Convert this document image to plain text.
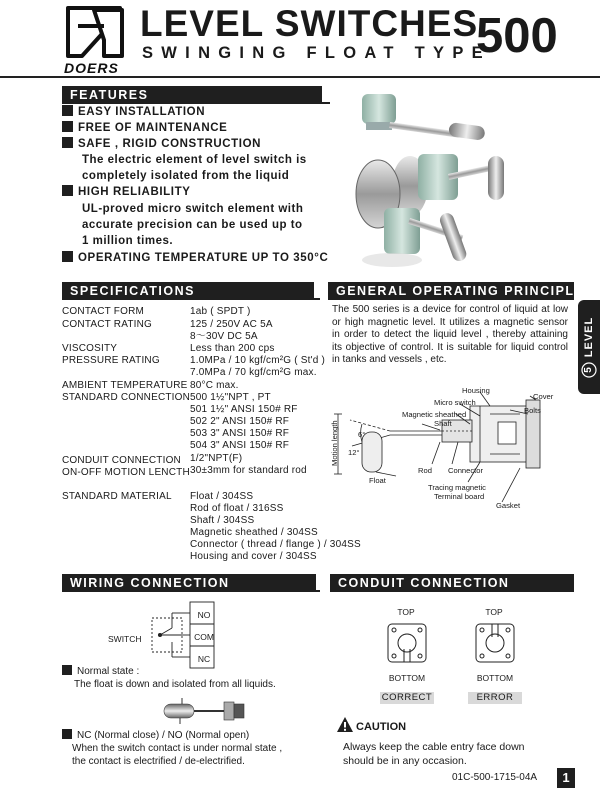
DOERS
LEVEL SWITCHES
SWINGING FLOAT TYPE
500
FEATURES
EASY INSTALLATION
FREE OF MAINTENANCE
SAFE , RIGID CONSTRUCTION
The electric element of level switch is
completely isolated from the liquid
HIGH RELIABILITY
UL-proved micro switch element with
accurate precision can be used up to
1 million times.
OPERATING TEMPERATURE UP TO 350°C
SPECIFICATIONS
CONTACT FORM	1ab ( SPDT )
CONTACT RATING	125 / 250V AC 5A
8～30V DC 5A
VISCOSITY	Less than 200 cps
PRESSURE RATING	1.0MPa / 10 kgf/cm²G ( St'd )
7.0MPa / 70 kgf/cm²G max.
AMBIENT TEMPERATURE 80°C max.
STANDARD CONNECTION 500 1½"NPT , PT
501 1½" ANSI 150# RF
502 2" ANSI 150# RF
503 3" ANSI 150# RF
504 3" ANSI 150# RF
CONDUIT CONNECTION 1/2"NPT(F)
ON-OFF MOTION LENCTH 30±3mm for standard rod
STANDARD MATERIAL Float / 304SS
Rod of float / 316SS
Shaft / 304SS
Magnetic sheathed / 304SS
Connector ( thread / flange ) / 304SS
Housing and cover / 304SS
GENERAL OPERATING PRINCIPLE
The 500 series is a device for control of liquid at low or high magnetic level. It utilizes a magnetic sensor in order to detect the liquid level , thereby attaining its objective of control. It is suitable for liquid control in tanks and vessels , etc.
Housing
Cover
Micro switch
Bolts
Magnetic sheathed
Shaft
Motion length	6°
12°
Rod Connector
Float
Tracing magnetic
Terminal board
Gasket
5
LEVEL
WIRING CONNECTION
SWITCH
NO
COM
NC
Normal state :
The float is down and isolated from all liquids.
NC (Normal close) / NO (Normal open)
When the switch contact is under normal state ,
the contact is electrified / de-electrified.
CONDUIT CONNECTION
TOP	TOP
BOTTOM	BOTTOM
CORRECT	ERROR
CAUTION
Always keep the cable entry face down
should be in any occasion.
01C-500-1715-04A	1
